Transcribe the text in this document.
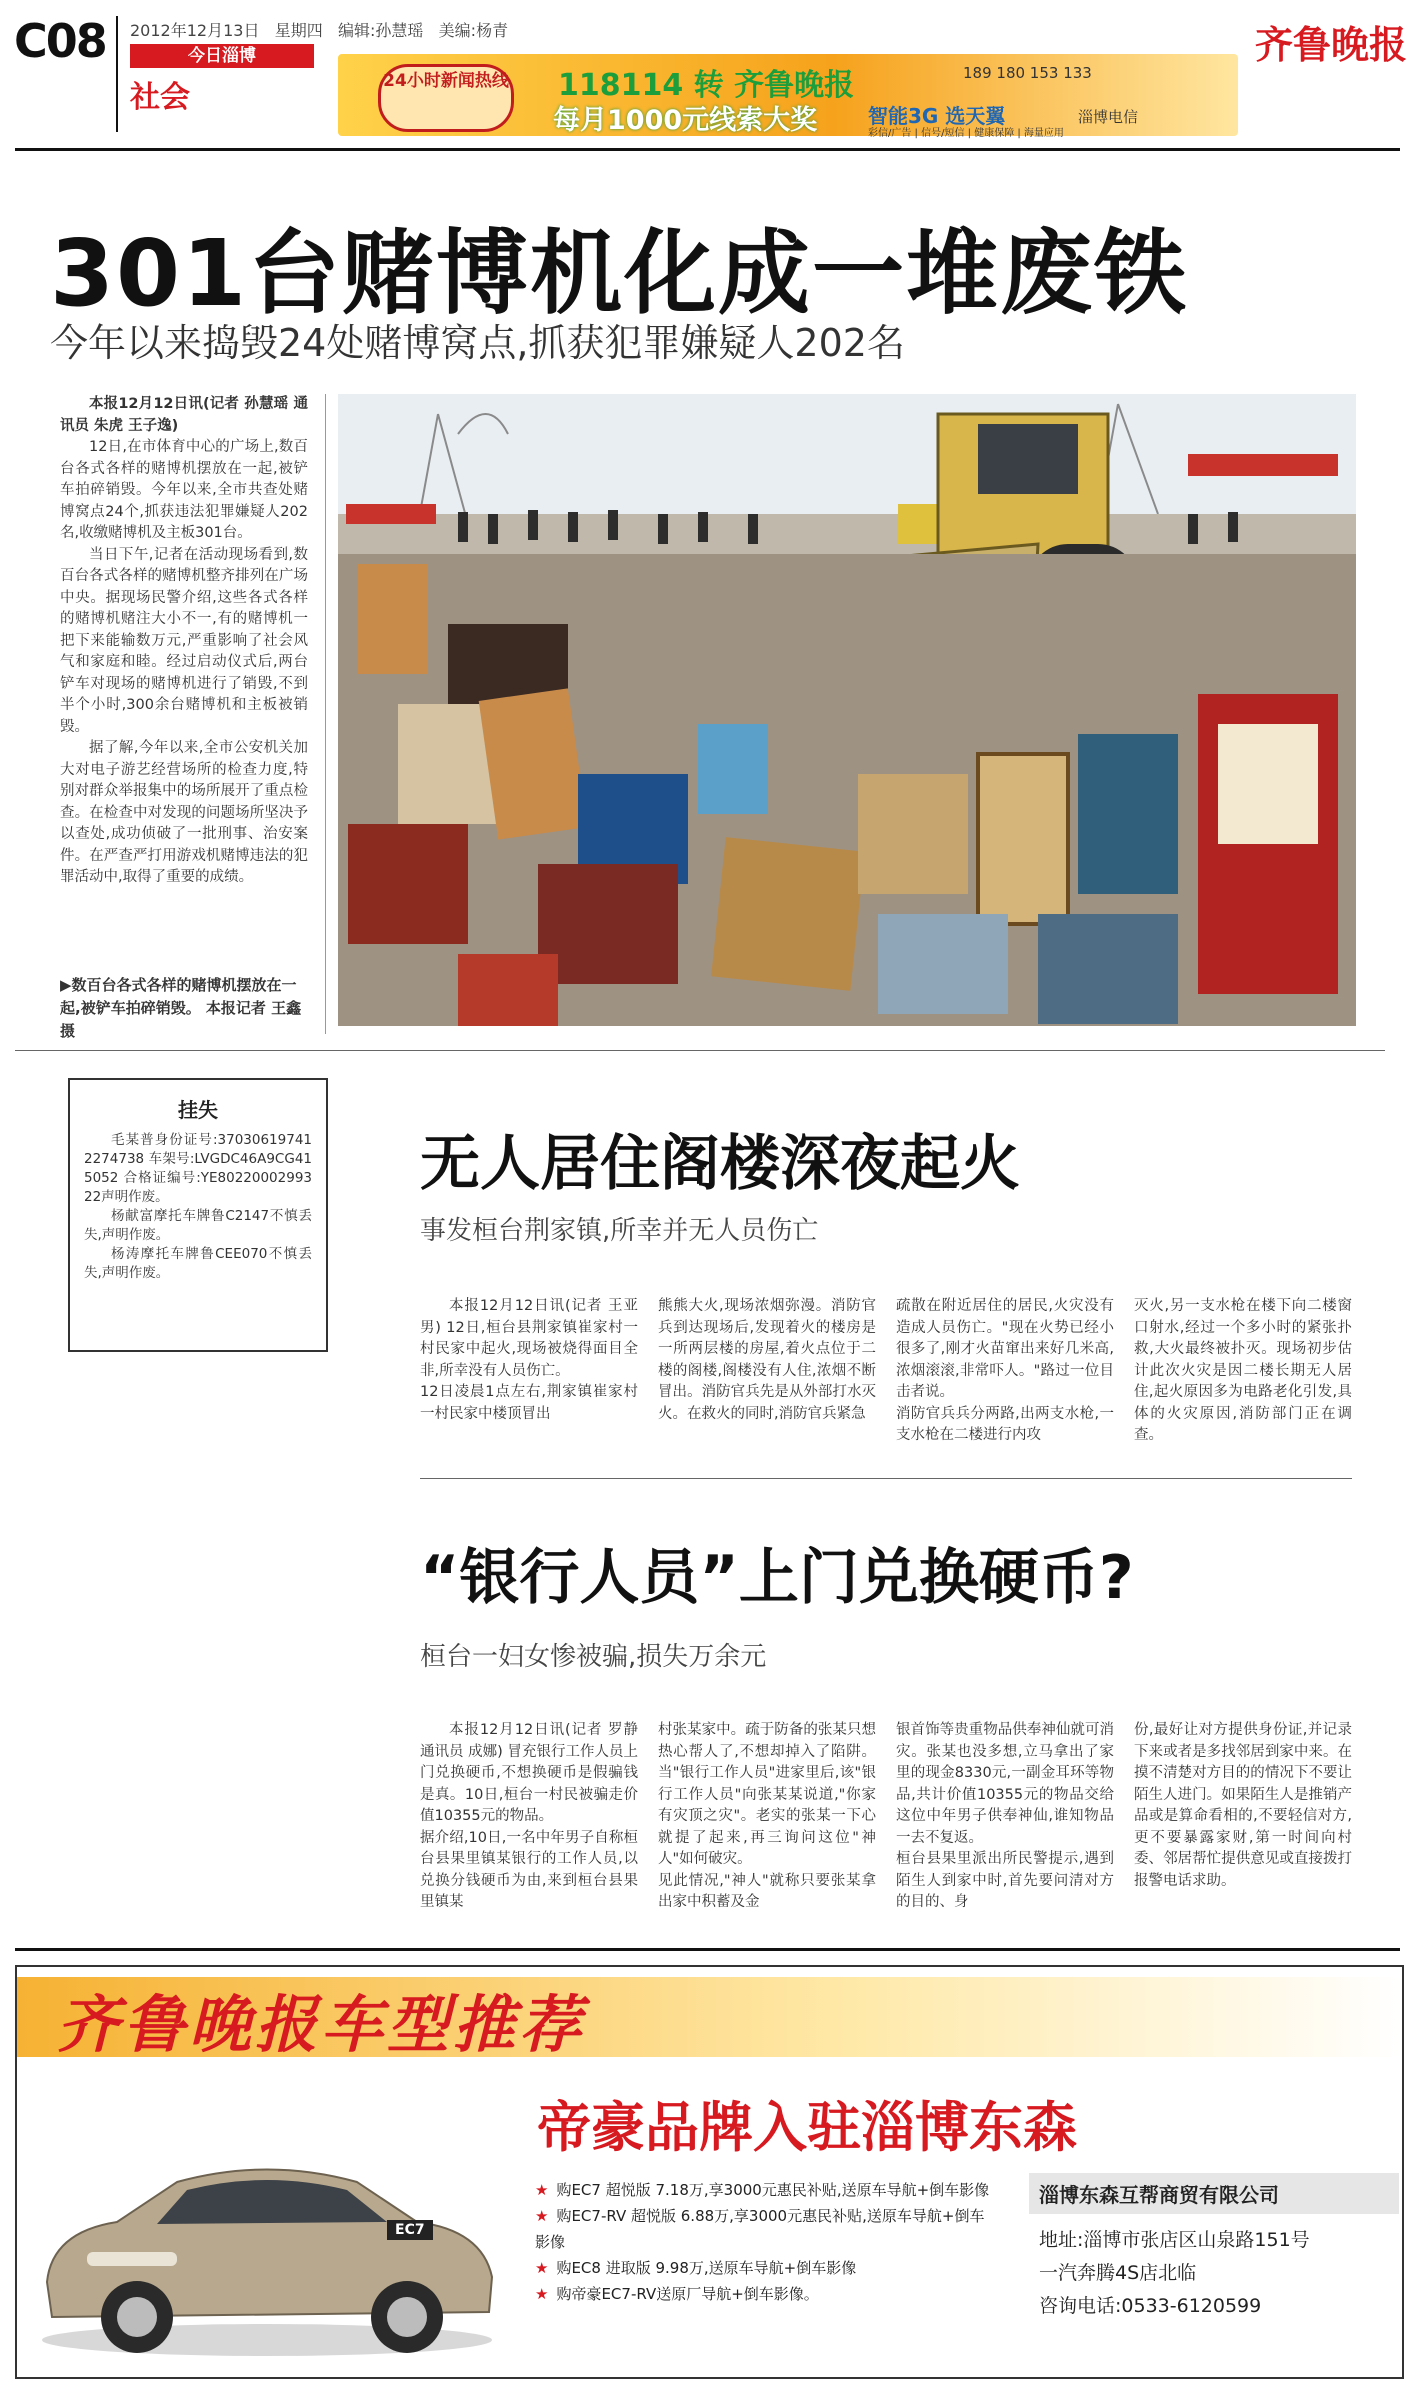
C08 2012年12月13日 星期四 编辑:孙慧瑶 美编:杨青
今日淄博
社会
齐鲁晚报
24小时新闻热线 118114 转 齐鲁晚报
每月1000元线索大奖
189 180 153 133
智能3G 选天翼	淄博电信
彩信/广告 | 信号/短信 | 健康保障 | 海量应用
301台赌博机化成一堆废铁
今年以来捣毁24处赌博窝点,抓获犯罪嫌疑人202名

本报12月12日讯(记者 孙慧瑶 通讯员 朱虎 王子逸)

12日,在市体育中心的广场上,数百台各式各样的赌博机摆放在一起,被铲车拍碎销毁。今年以来,全市共查处赌博窝点24个,抓获违法犯罪嫌疑人202名,收缴赌博机及主板301台。

当日下午,记者在活动现场看到,数百台各式各样的赌博机整齐排列在广场中央。据现场民警介绍,这些各式各样的赌博机赌注大小不一,有的赌博机一把下来能输数万元,严重影响了社会风气和家庭和睦。经过启动仪式后,两台铲车对现场的赌博机进行了销毁,不到半个小时,300余台赌博机和主板被销毁。

据了解,今年以来,全市公安机关加大对电子游艺经营场所的检查力度,特别对群众举报集中的场所展开了重点检查。在检查中对发现的问题场所坚决予以查处,成功侦破了一批刑事、治安案件。在严查严打用游戏机赌博违法的犯罪活动中,取得了重要的成绩。

▶数百台各式各样的赌博机摆放在一起,被铲车拍碎销毁。 本报记者 王鑫 摄
挂失

毛某普身份证号:370306197412274738 车架号:LVGDC46A9CG415052 合格证编号:YE8022000299322声明作废。

杨献富摩托车牌鲁C2147不慎丢失,声明作废。

杨涛摩托车牌鲁CEE070不慎丢失,声明作废。

无人居住阁楼深夜起火
事发桓台荆家镇,所幸并无人员伤亡
本报12月12日讯(记者 王亚男) 12日,桓台县荆家镇崔家村一村民家中起火,现场被烧得面目全非,所幸没有人员伤亡。
12日凌晨1点左右,荆家镇崔家村一村民家中楼顶冒出
熊熊大火,现场浓烟弥漫。消防官兵到达现场后,发现着火的楼房是一所两层楼的房屋,着火点位于二楼的阁楼,阁楼没有人住,浓烟不断冒出。消防官兵先是从外部打水灭火。在救火的同时,消防官兵紧急
疏散在附近居住的居民,火灾没有造成人员伤亡。"现在火势已经小很多了,刚才火苗窜出来好几米高,浓烟滚滚,非常吓人。"路过一位目击者说。
消防官兵兵分两路,出两支水枪,一支水枪在二楼进行内攻
灭火,另一支水枪在楼下向二楼窗口射水,经过一个多小时的紧张扑救,大火最终被扑灭。现场初步估计此次火灾是因二楼长期无人居住,起火原因多为电路老化引发,具体的火灾原因,消防部门正在调查。
“银行人员”上门兑换硬币?
桓台一妇女惨被骗,损失万余元
本报12月12日讯(记者 罗静 通讯员 成娜) 冒充银行工作人员上门兑换硬币,不想换硬币是假骗钱是真。10日,桓台一村民被骗走价值10355元的物品。
据介绍,10日,一名中年男子自称桓台县果里镇某银行的工作人员,以兑换分钱硬币为由,来到桓台县果里镇某
村张某家中。疏于防备的张某只想热心帮人了,不想却掉入了陷阱。当"银行工作人员"进家里后,该"银行工作人员"向张某某说道,"你家有灾顶之灾"。老实的张某一下心就提了起来,再三询问这位"神人"如何破灾。
见此情况,"神人"就称只要张某拿出家中积蓄及金
银首饰等贵重物品供奉神仙就可消灾。张某也没多想,立马拿出了家里的现金8330元,一副金耳环等物品,共计价值10355元的物品交给这位中年男子供奉神仙,谁知物品一去不复返。
桓台县果里派出所民警提示,遇到陌生人到家中时,首先要问清对方的目的、身
份,最好让对方提供身份证,并记录下来或者是多找邻居到家中来。在摸不清楚对方目的的情况下不要让陌生人进门。如果陌生人是推销产品或是算命看相的,不要轻信对方,更不要暴露家财,第一时间向村委、邻居帮忙提供意见或直接拨打报警电话求助。
齐鲁晚报车型推荐
帝豪品牌入驻淄博东森
EC7
★ 购EC7 超悦版 7.18万,享3000元惠民补贴,送原车导航+倒车影像
★ 购EC7-RV 超悦版 6.88万,享3000元惠民补贴,送原车导航+倒车影像
★ 购EC8 进取版 9.98万,送原车导航+倒车影像
★ 购帝豪EC7-RV送原厂导航+倒车影像。
淄博东森互帮商贸有限公司
地址:淄博市张店区山泉路151号
一汽奔腾4S店北临
咨询电话:0533-6120599
